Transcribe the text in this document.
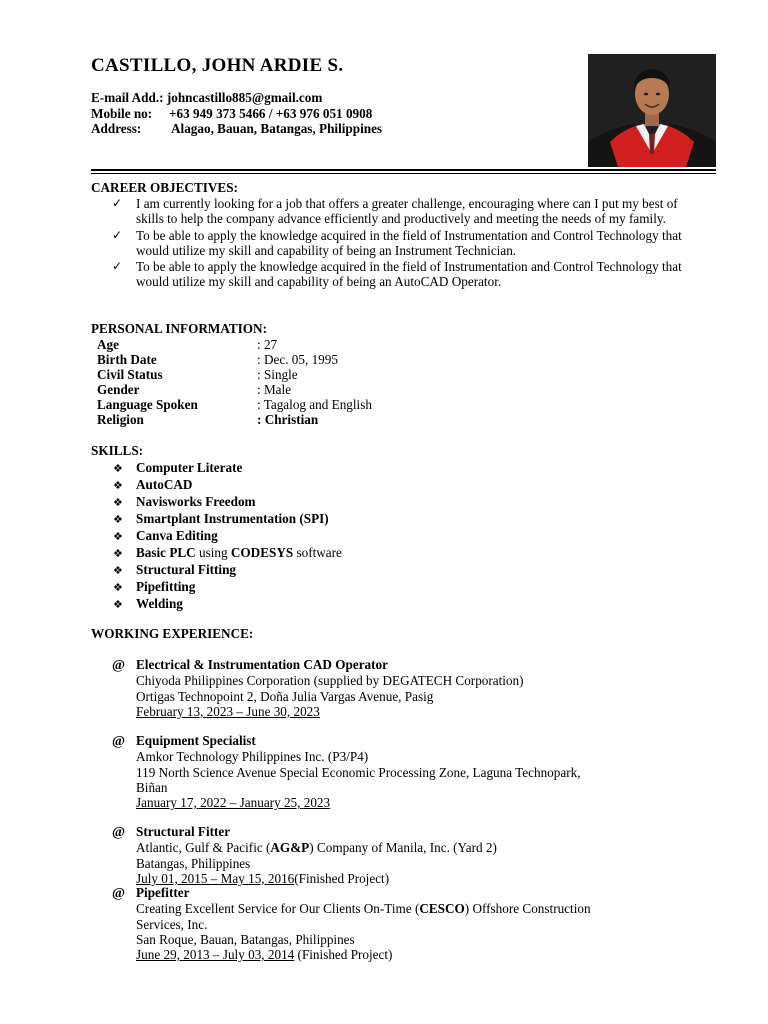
CASTILLO, JOHN ARDIE S.
E-mail Add.: johncastillo885@gmail.com
Mobile no: +63 949 373 5466 / +63 976 051 0908
Address: Alagao, Bauan, Batangas, Philippines
CAREER OBJECTIVES:
✓ I am currently looking for a job that offers a greater challenge, encouraging where can I put my best of skills to help the company advance efficiently and productively and meeting the needs of my family.
✓ To be able to apply the knowledge acquired in the field of Instrumentation and Control Technology that would utilize my skill and capability of being an Instrument Technician.
✓ To be able to apply the knowledge acquired in the field of Instrumentation and Control Technology that would utilize my skill and capability of being an AutoCAD Operator.
PERSONAL INFORMATION:
Age	: 27
Birth Date	: Dec. 05, 1995
Civil Status	: Single
Gender	: Male
Language Spoken	: Tagalog and English
Religion	: Christian
SKILLS:
❖ Computer Literate
❖ AutoCAD
❖ Navisworks Freedom
❖ Smartplant Instrumentation (SPI)
❖ Canva Editing
❖ Basic PLC using CODESYS software
❖ Structural Fitting
❖ Pipefitting
❖ Welding
WORKING EXPERIENCE:
@ Electrical & Instrumentation CAD Operator
Chiyoda Philippines Corporation (supplied by DEGATECH Corporation)
Ortigas Technopoint 2, Doña Julia Vargas Avenue, Pasig
February 13, 2023 – June 30, 2023
@ Equipment Specialist
Amkor Technology Philippines Inc. (P3/P4)
119 North Science Avenue Special Economic Processing Zone, Laguna Technopark,
Biñan
January 17, 2022 – January 25, 2023
@ Structural Fitter
Atlantic, Gulf & Pacific (AG&P) Company of Manila, Inc. (Yard 2)
Batangas, Philippines
July 01, 2015 – May 15, 2016(Finished Project)
@ Pipefitter
Creating Excellent Service for Our Clients On-Time (CESCO) Offshore Construction
Services, Inc.
San Roque, Bauan, Batangas, Philippines
June 29, 2013 – July 03, 2014 (Finished Project)
